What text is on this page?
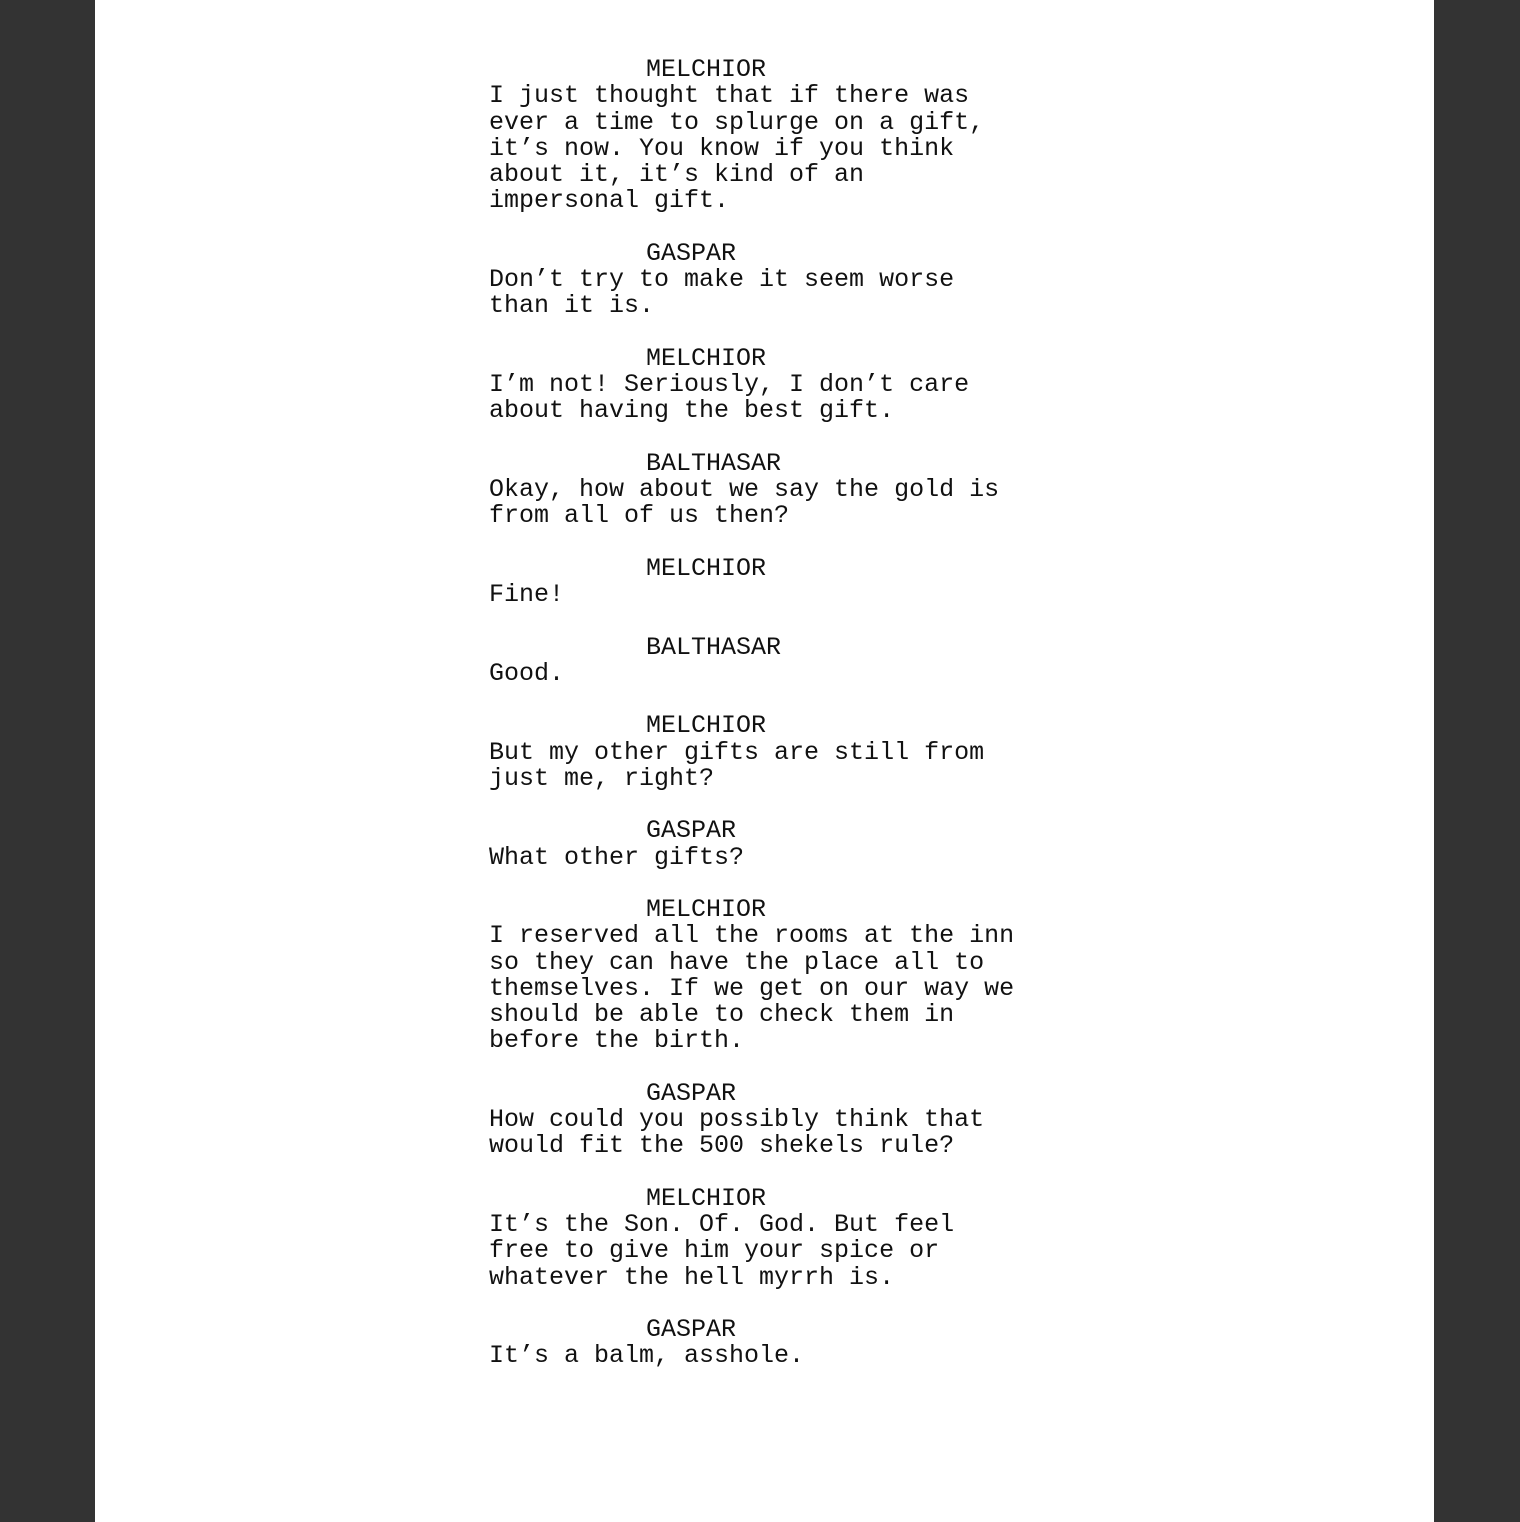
MELCHIOR
I just thought that if there was
ever a time to splurge on a gift,
it’s now. You know if you think
about it, it’s kind of an
impersonal gift.
GASPAR
Don’t try to make it seem worse
than it is.
MELCHIOR
I’m not! Seriously, I don’t care
about having the best gift.
BALTHASAR
Okay, how about we say the gold is
from all of us then?
MELCHIOR
Fine!
BALTHASAR
Good.
MELCHIOR
But my other gifts are still from
just me, right?
GASPAR
What other gifts?
MELCHIOR
I reserved all the rooms at the inn
so they can have the place all to
themselves. If we get on our way we
should be able to check them in
before the birth.
GASPAR
How could you possibly think that
would fit the 500 shekels rule?
MELCHIOR
It’s the Son. Of. God. But feel
free to give him your spice or
whatever the hell myrrh is.
GASPAR
It’s a balm, asshole.
